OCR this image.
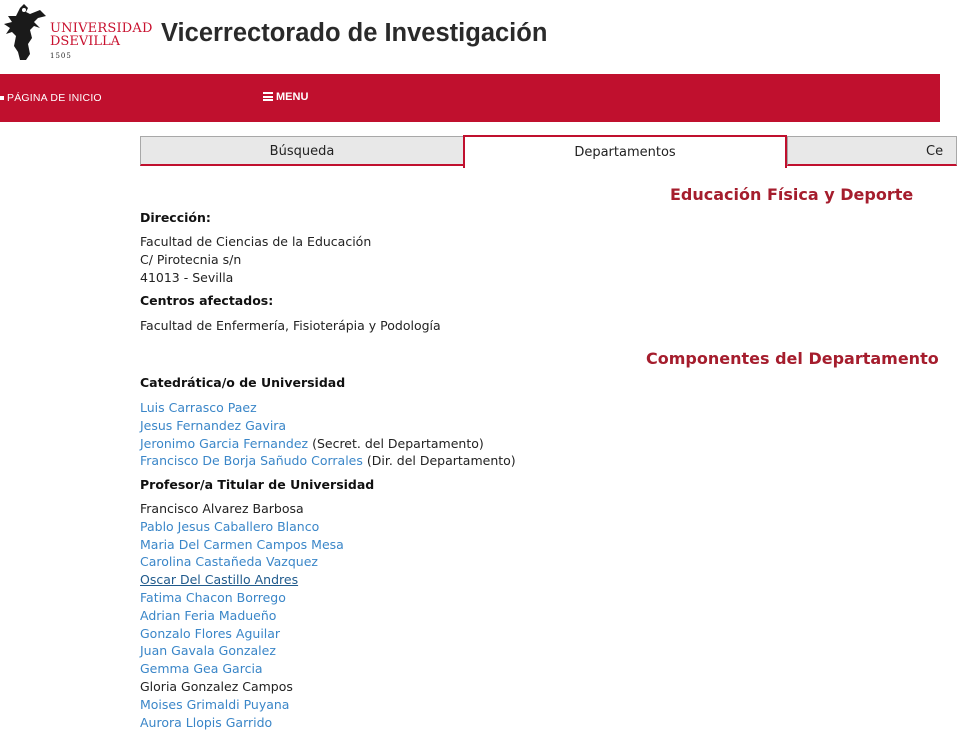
UNIVERSIDAD
DSEVILLA
1505
Vicerrectorado de Investigación
PÁGINA DE INICIO	MENU
Búsqueda	Departamentos	Ce
Educación Física y Deporte
Dirección:
Facultad de Ciencias de la Educación
C/ Pirotecnia s/n
41013 - Sevilla
Centros afectados:
Facultad de Enfermería, Fisioterápia y Podología
Componentes del Departamento
Catedrática/o de Universidad
Luis Carrasco Paez
Jesus Fernandez Gavira
Jeronimo Garcia Fernandez (Secret. del Departamento)
Francisco De Borja Sañudo Corrales (Dir. del Departamento)
Profesor/a Titular de Universidad
Francisco Alvarez Barbosa
Pablo Jesus Caballero Blanco
Maria Del Carmen Campos Mesa
Carolina Castañeda Vazquez
Oscar Del Castillo Andres
Fatima Chacon Borrego
Adrian Feria Madueño
Gonzalo Flores Aguilar
Juan Gavala Gonzalez
Gemma Gea Garcia
Gloria Gonzalez Campos
Moises Grimaldi Puyana
Aurora Llopis Garrido
